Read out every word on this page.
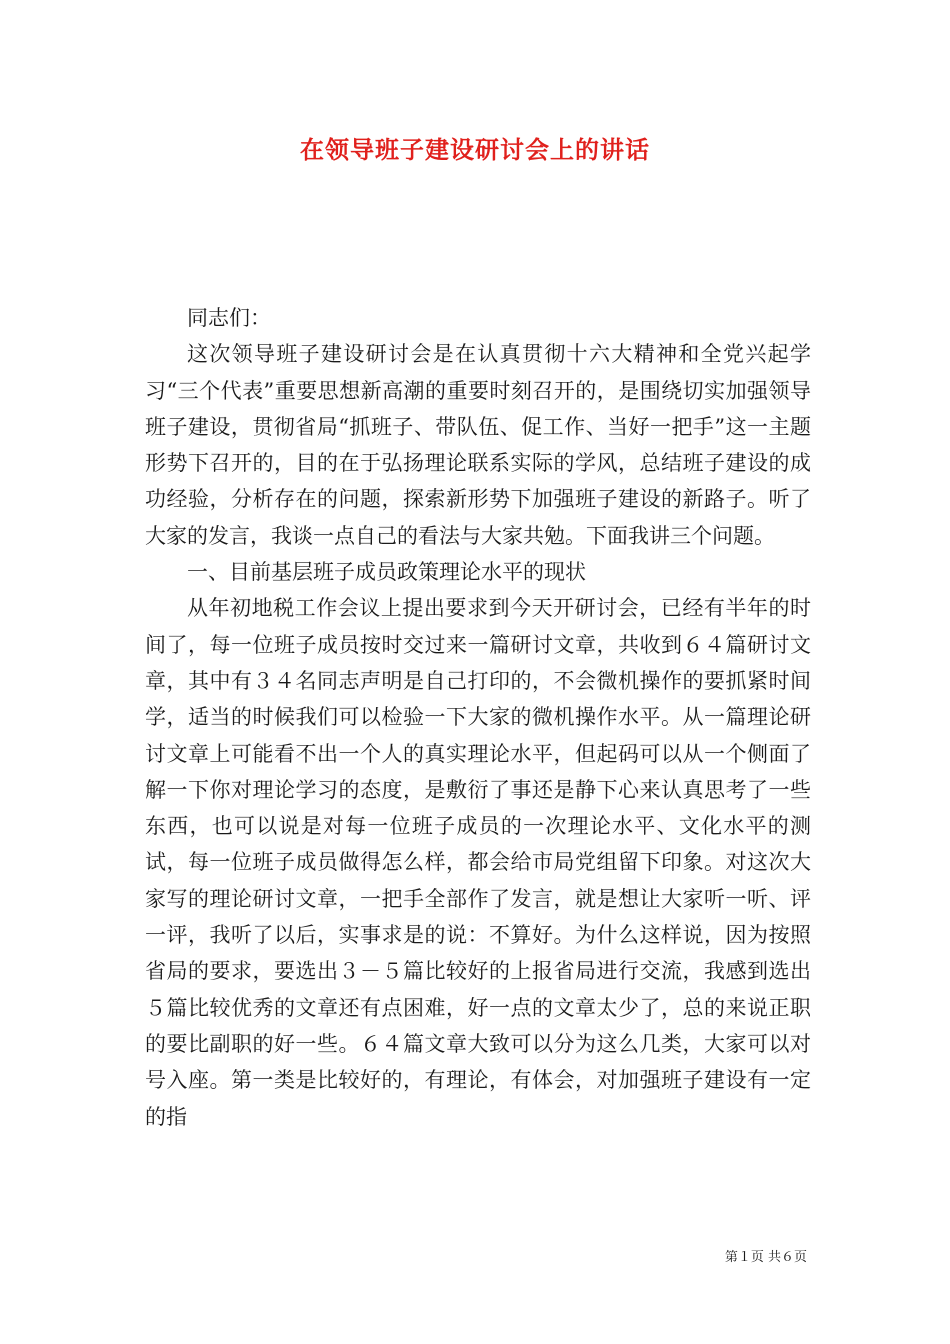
在领导班子建设研讨会上的讲话

同志们：

这次领导班子建设研讨会是在认真贯彻十六大精神和全党兴起学习“三个代表”重要思想新高潮的重要时刻召开的，是围绕切实加强领导班子建设，贯彻省局“抓班子、带队伍、促工作、当好一把手”这一主题形势下召开的，目的在于弘扬理论联系实际的学风，总结班子建设的成功经验，分析存在的问题，探索新形势下加强班子建设的新路子。听了大家的发言，我谈一点自己的看法与大家共勉。下面我讲三个问题。

一、目前基层班子成员政策理论水平的现状

从年初地税工作会议上提出要求到今天开研讨会，已经有半年的时间了，每一位班子成员按时交过来一篇研讨文章，共收到６４篇研讨文章，其中有３４名同志声明是自己打印的，不会微机操作的要抓紧时间学，适当的时候我们可以检验一下大家的微机操作水平。从一篇理论研讨文章上可能看不出一个人的真实理论水平，但起码可以从一个侧面了解一下你对理论学习的态度，是敷衍了事还是静下心来认真思考了一些东西，也可以说是对每一位班子成员的一次理论水平、文化水平的测试，每一位班子成员做得怎么样，都会给市局党组留下印象。对这次大家写的理论研讨文章，一把手全部作了发言，就是想让大家听一听、评一评，我听了以后，实事求是的说：不算好。为什么这样说，因为按照省局的要求，要选出３－５篇比较好的上报省局进行交流，我感到选出５篇比较优秀的文章还有点困难，好一点的文章太少了，总的来说正职的要比副职的好一些。６４篇文章大致可以分为这么几类，大家可以对号入座。第一类是比较好的，有理论，有体会，对加强班子建设有一定的指

第１页 共６页
